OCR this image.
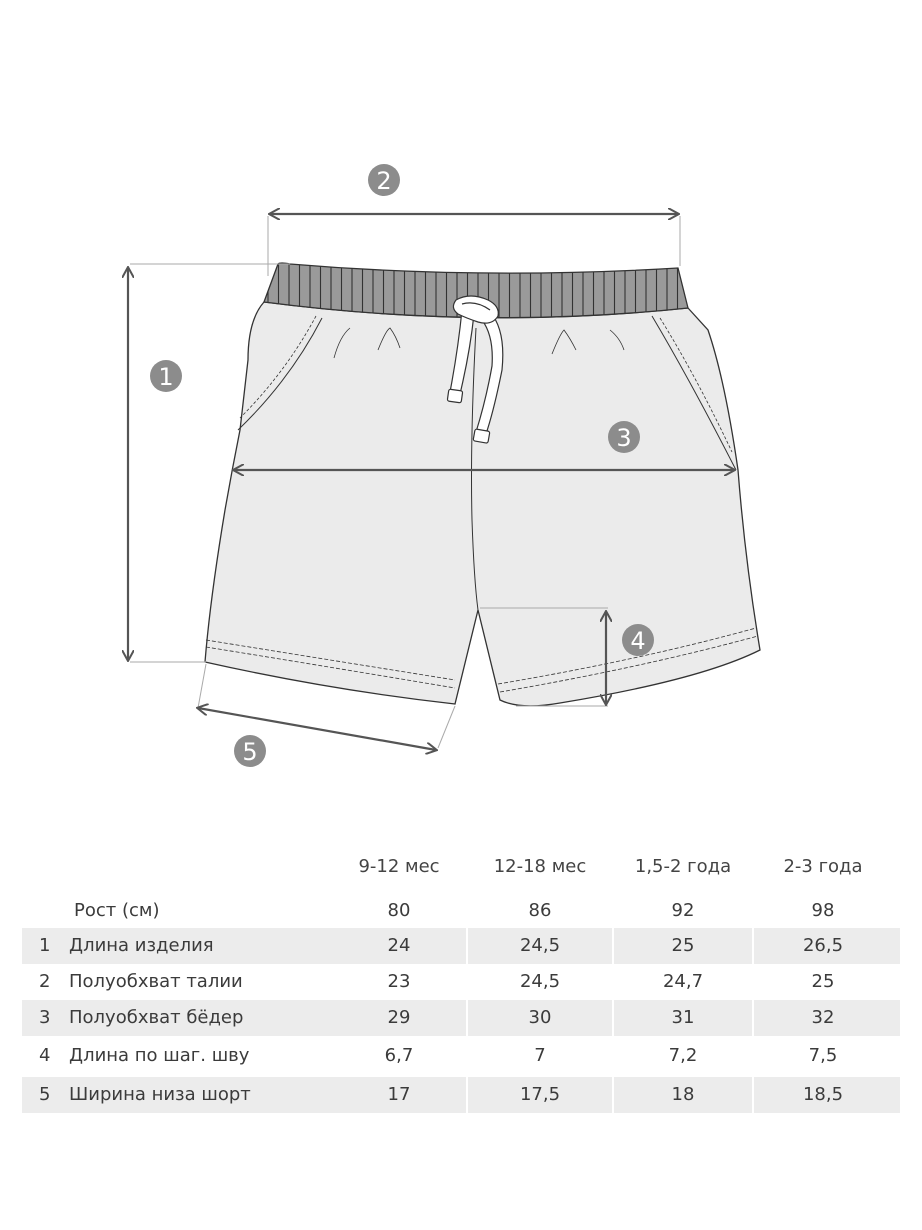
1
2
3
4
5
9-12 мес	12-18 мес	1,5-2 года	2-3 года
Рост (см)	80	86	92	98
1 Длина изделия	24	24,5	25	26,5
2 Полуобхват талии	23	24,5	24,7	25
3 Полуобхват бёдер	29	30	31	32
4 Длина по шаг. шву	6,7	7	7,2	7,5
5 Ширина низа шорт	17	17,5	18	18,5
